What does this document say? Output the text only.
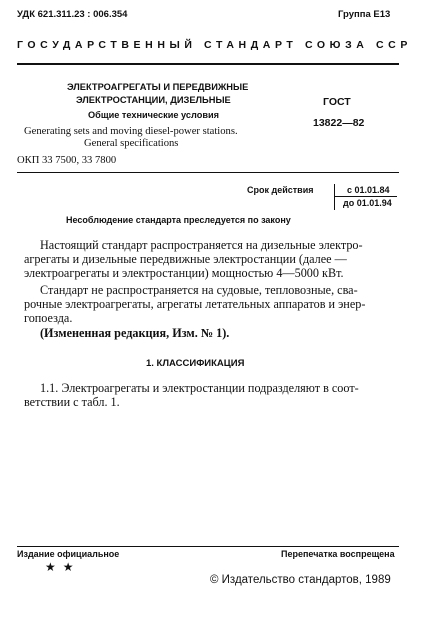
УДК 621.311.23 : 006.354	Группа Е13
ГОСУДАРСТВЕННЫЙ СТАНДАРТ СОЮЗА ССР
ЭЛЕКТРОАГРЕГАТЫ И ПЕРЕДВИЖНЫЕ
ЭЛЕКТРОСТАНЦИИ, ДИЗЕЛЬНЫЕ
Общие технические условия
Generating sets and moving diesel-power stations.
General specifications
ОКП 33 7500, 33 7800
ГОСТ
13822—82
Срок действия	с 01.01.84
до 01.01.94
Несоблюдение стандарта преследуется по закону
Настоящий стандарт распространяется на дизельные электро-
агрегаты и дизельные передвижные электростанции (далее —
электроагрегаты и электростанции) мощностью 4—5000 кВт.
Стандарт не распространяется на судовые, тепловозные, сва-
рочные электроагрегаты, агрегаты летательных аппаратов и энер-
гопоезда.
(Измененная редакция, Изм. № 1).
1. КЛАССИФИКАЦИЯ
1.1. Электроагрегаты и электростанции подразделяют в соот-
ветствии с табл. 1.
Издание официальное	Перепечатка воспрещена
★ ★
© Издательство стандартов, 1989
